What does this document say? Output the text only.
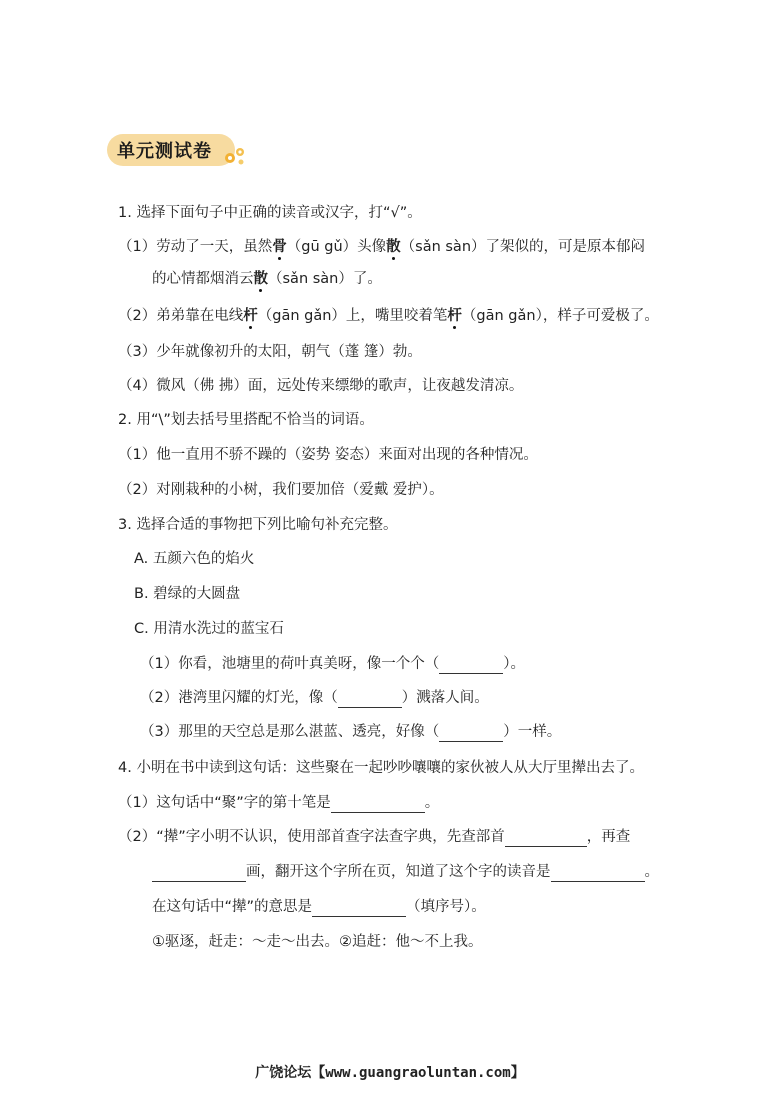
单元测试卷
1. 选择下面句子中正确的读音或汉字，打“√”。
（1）劳动了一天，虽然骨（gū gǔ）头像散（sǎn sàn）了架似的，可是原本郁闷
的心情都烟消云散（sǎn sàn）了。
（2）弟弟靠在电线杆（gān gǎn）上，嘴里咬着笔杆（gān gǎn），样子可爱极了。
（3）少年就像初升的太阳，朝气（蓬 篷）勃。
（4）微风（佛 拂）面，远处传来缥缈的歌声，让夜越发清凉。
2. 用“\”划去括号里搭配不恰当的词语。
（1）他一直用不骄不躁的（姿势 姿态）来面对出现的各种情况。
（2）对刚栽种的小树，我们要加倍（爱戴 爱护）。
3. 选择合适的事物把下列比喻句补充完整。
A. 五颜六色的焰火
B. 碧绿的大圆盘
C. 用清水洗过的蓝宝石
（1）你看，池塘里的荷叶真美呀，像一个个（	）。
（2）港湾里闪耀的灯光，像（	）溅落人间。
（3）那里的天空总是那么湛蓝、透亮，好像（	）一样。
4. 小明在书中读到这句话：这些聚在一起吵吵嚷嚷的家伙被人从大厅里撵出去了。
（1）这句话中“聚”字的第十笔是	。
（2）“撵”字小明不认识，使用部首查字法查字典，先查部首	，再查
画，翻开这个字所在页，知道了这个字的读音是	。
在这句话中“撵”的意思是	（填序号）。
①驱逐，赶走：～走～出去。②追赶：他～不上我。
广饶论坛【www.guangraoluntan.com】
